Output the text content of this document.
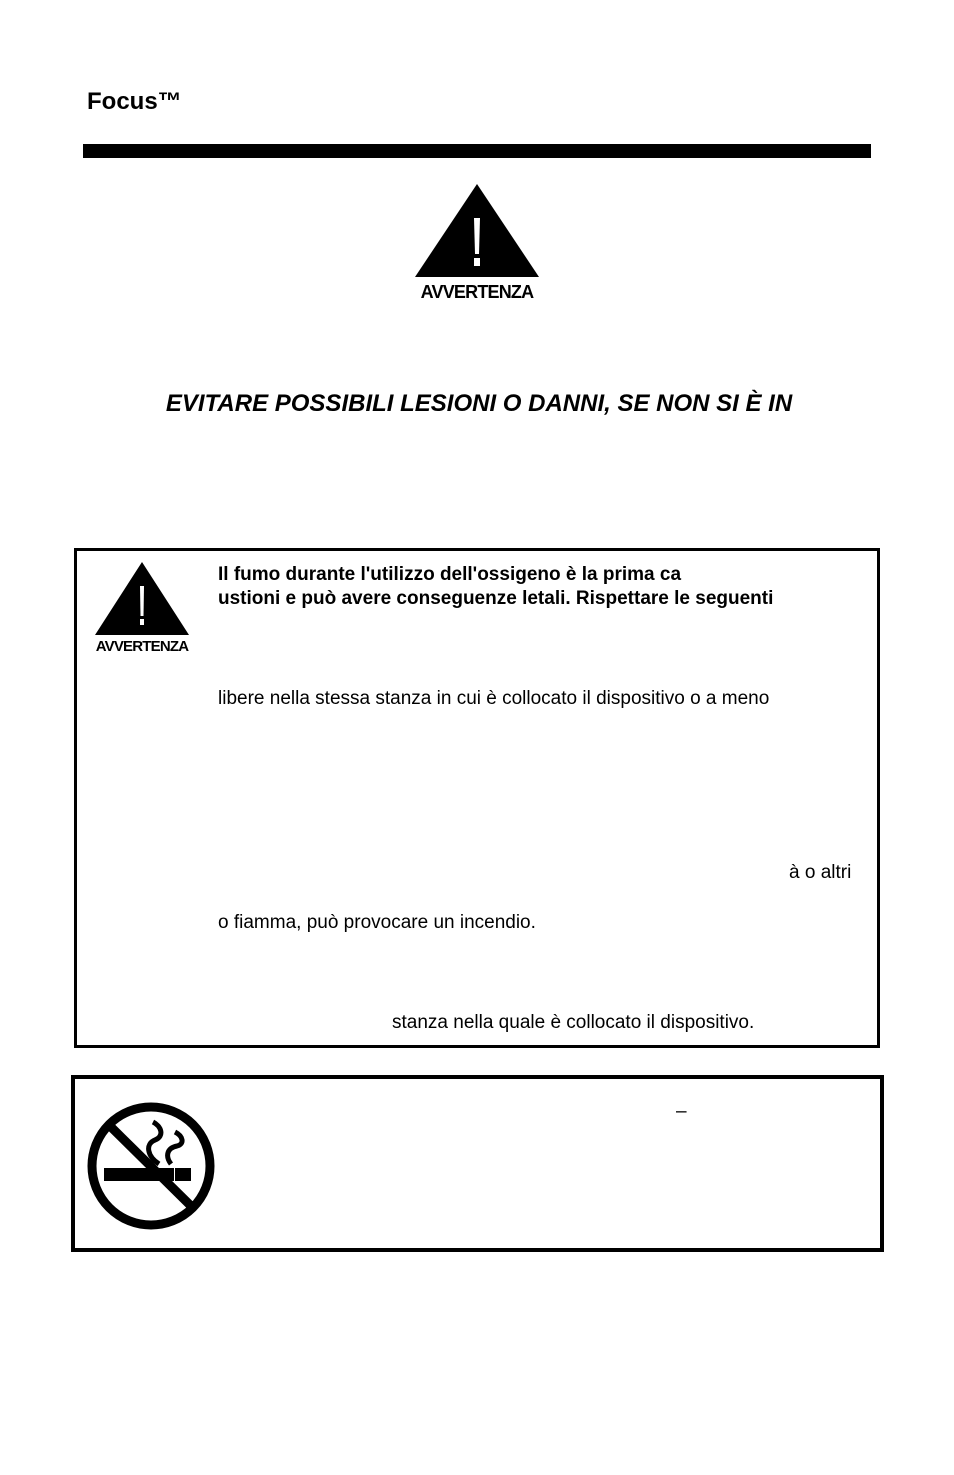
Focus™
AVVERTENZA
EVITARE POSSIBILI LESIONI O DANNI, SE NON SI È IN
AVVERTENZA
Il fumo durante l'utilizzo dell'ossigeno è la prima ca
ustioni e può avere conseguenze letali. Rispettare le seguenti
libere nella stessa stanza in cui è collocato il dispositivo o a meno
à o altri
o fiamma, può provocare un incendio.
stanza nella quale è collocato il dispositivo.
–
